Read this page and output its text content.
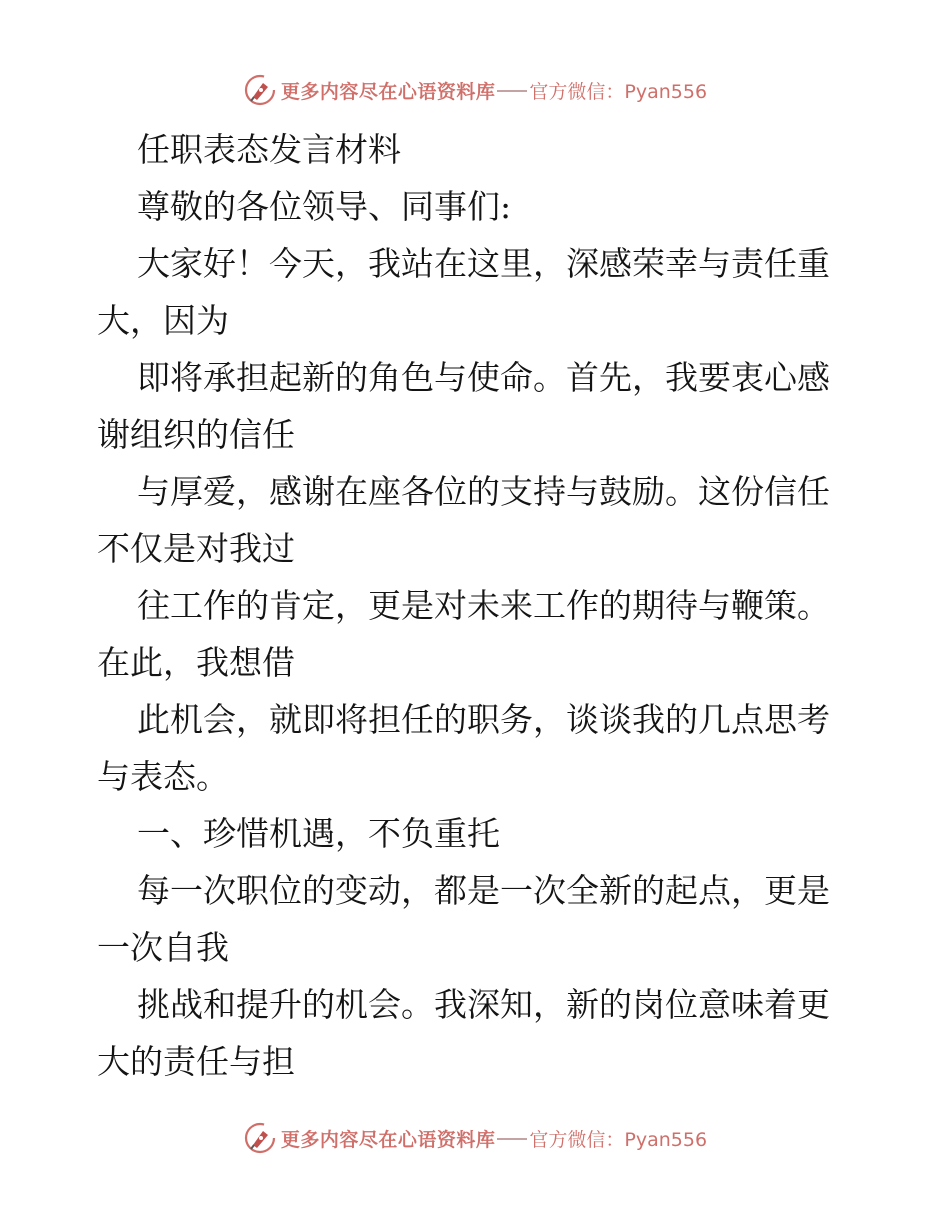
更多内容尽在心语资料库 官方微信：Pyan556
任职表态发言材料
尊敬的各位领导、同事们:
大家好！今天，我站在这里，深感荣幸与责任重
大，因为
即将承担起新的角色与使命。首先，我要衷心感
谢组织的信任
与厚爱，感谢在座各位的支持与鼓励。这份信任
不仅是对我过
往工作的肯定，更是对未来工作的期待与鞭策。
在此，我想借
此机会，就即将担任的职务，谈谈我的几点思考
与表态。
一、珍惜机遇，不负重托
每一次职位的变动，都是一次全新的起点，更是
一次自我
挑战和提升的机会。我深知，新的岗位意味着更
大的责任与担
更多内容尽在心语资料库 官方微信：Pyan556
